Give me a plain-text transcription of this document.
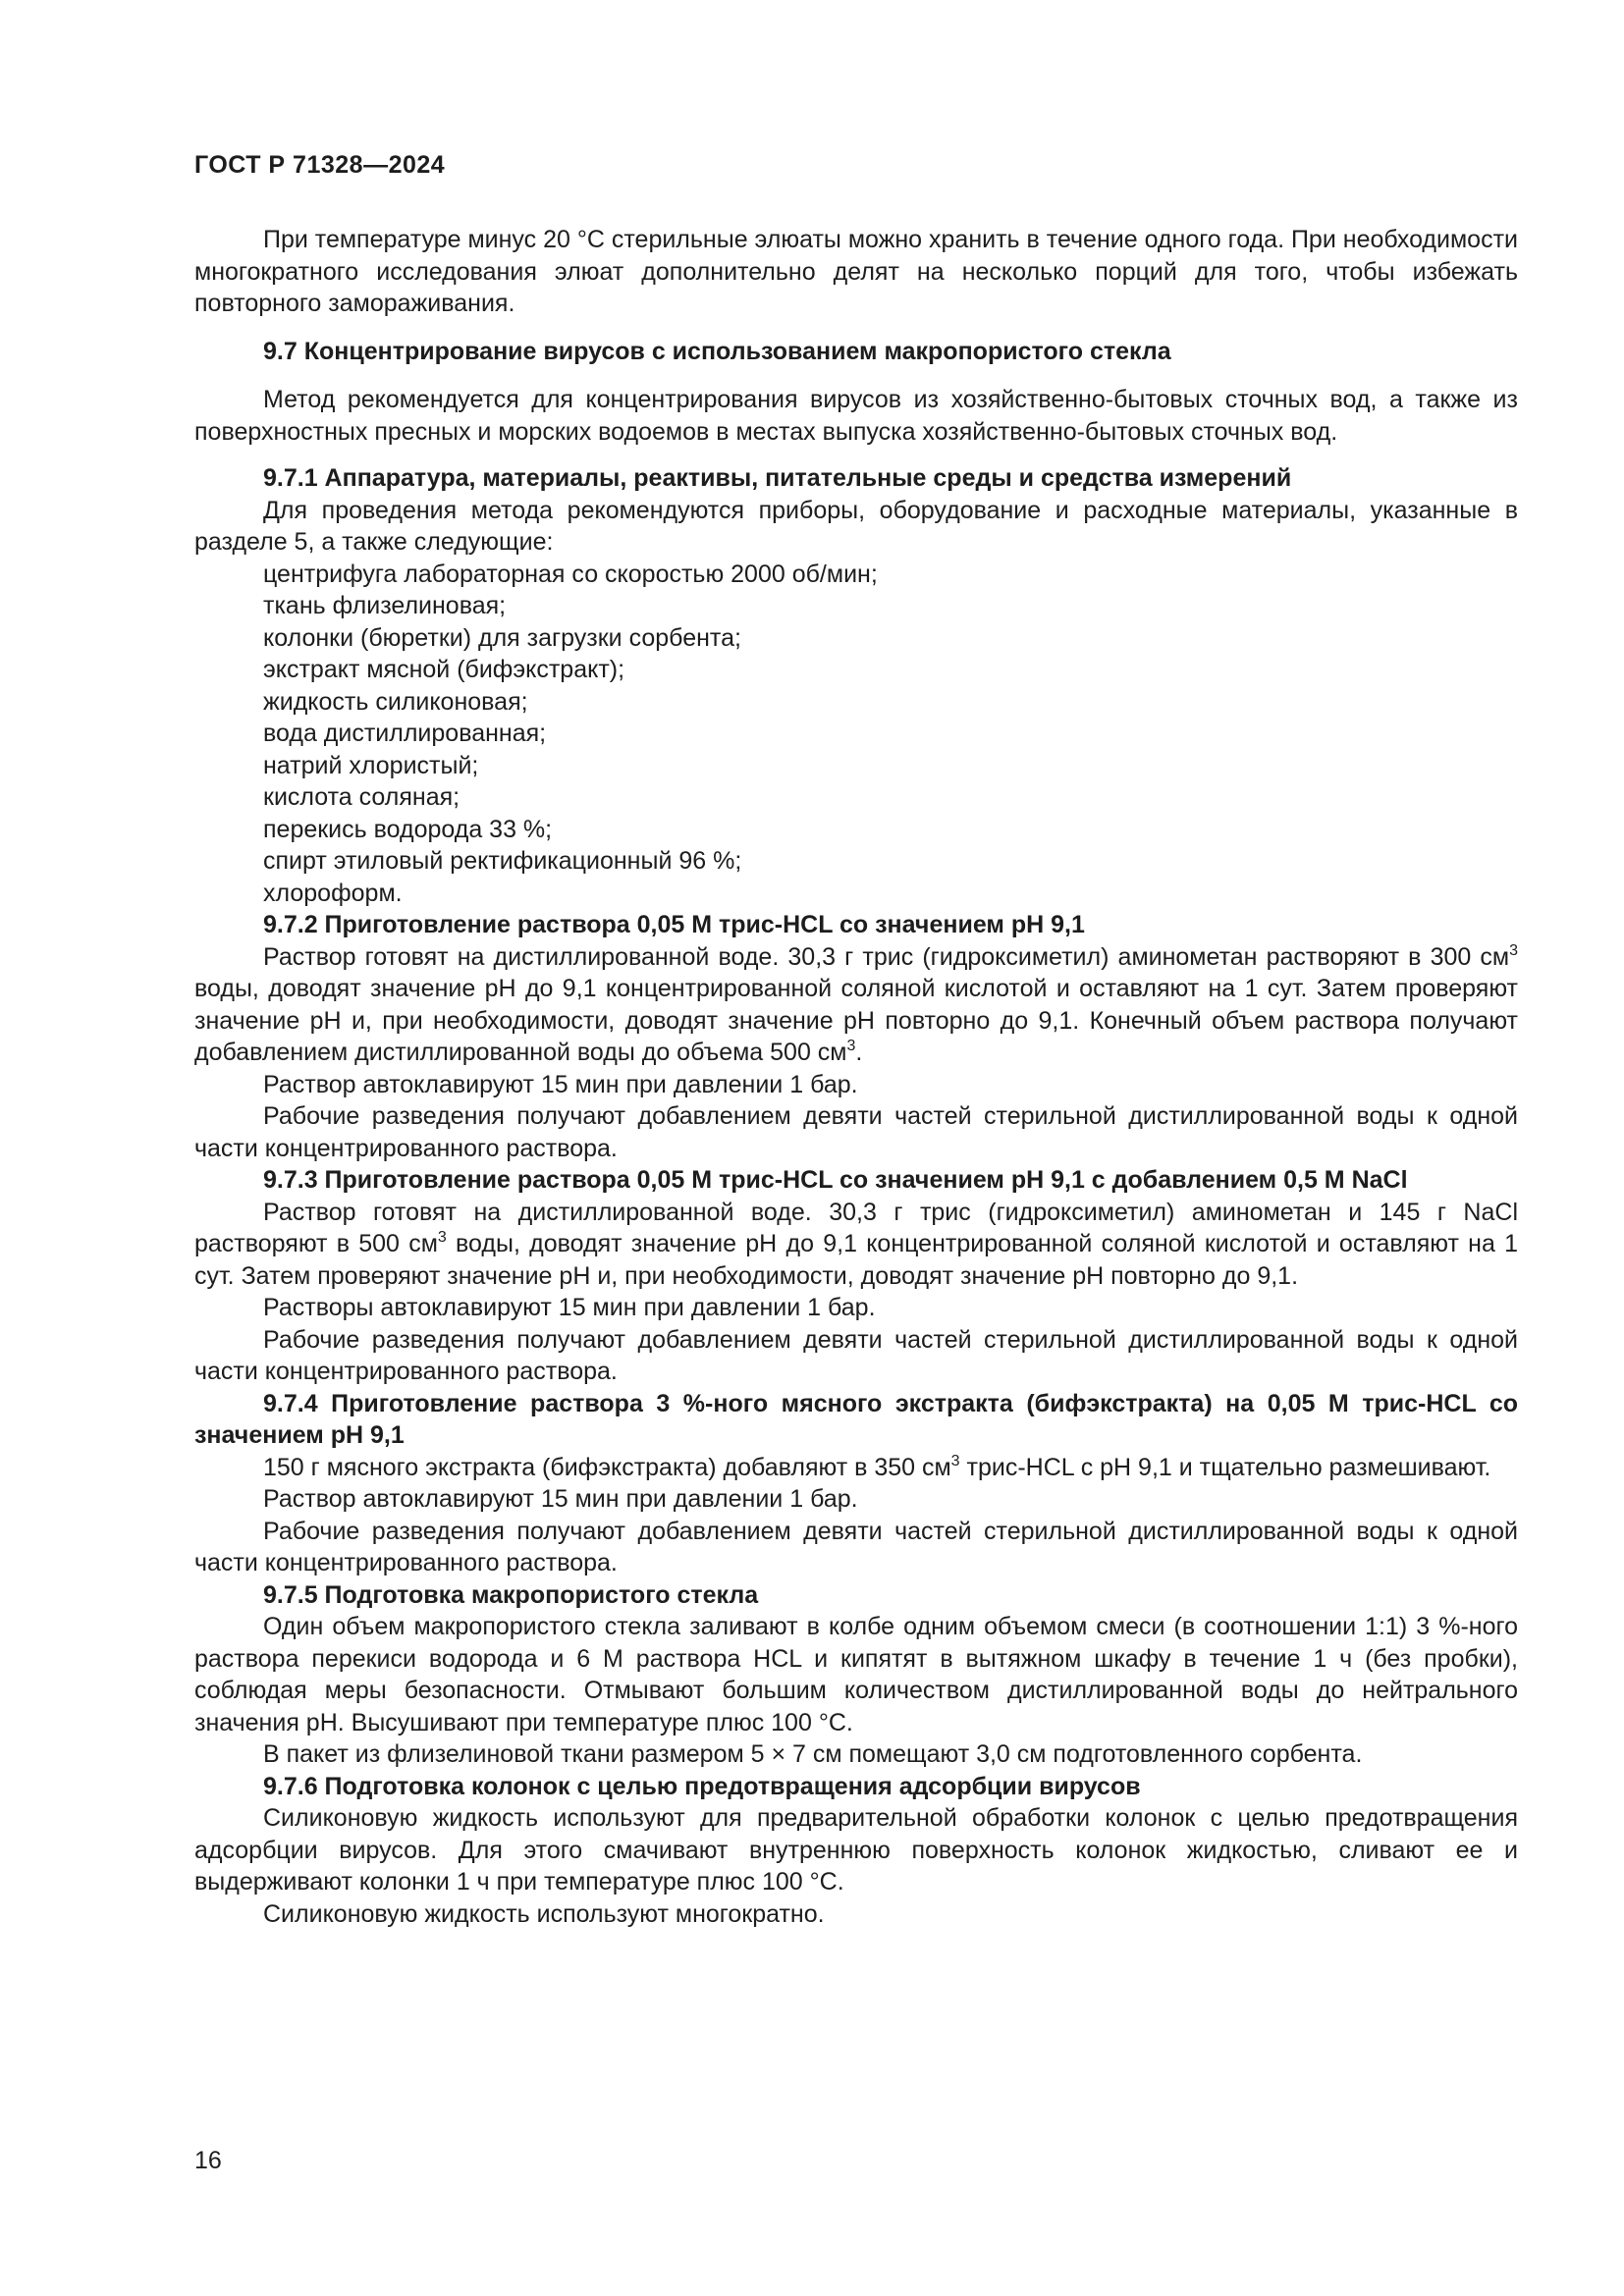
ГОСТ Р 71328—2024

При температуре минус 20 °С стерильные элюаты можно хранить в течение одного года. При необходимости многократного исследования элюат дополнительно делят на несколько порций для того, чтобы избежать повторного замораживания.

9.7 Концентрирование вирусов с использованием макропористого стекла

Метод рекомендуется для концентрирования вирусов из хозяйственно-бытовых сточных вод, а также из поверхностных пресных и морских водоемов в местах выпуска хозяйственно-бытовых сточных вод.

9.7.1 Аппаратура, материалы, реактивы, питательные среды и средства измерений

Для проведения метода рекомендуются приборы, оборудование и расходные материалы, указанные в разделе 5, а также следующие:

центрифуга лабораторная со скоростью 2000 об/мин;

ткань флизелиновая;

колонки (бюретки) для загрузки сорбента;

экстракт мясной (бифэкстракт);

жидкость силиконовая;

вода дистиллированная;

натрий хлористый;

кислота соляная;

перекись водорода 33 %;

спирт этиловый ректификационный 96 %;

хлороформ.

9.7.2 Приготовление раствора 0,05 М трис-HCL со значением pH 9,1

Раствор готовят на дистиллированной воде. 30,3 г трис (гидроксиметил) аминометан растворяют в 300 $см^3$ воды, доводят значение pH до 9,1 концентрированной соляной кислотой и оставляют на 1 сут. Затем проверяют значение pH и, при необходимости, доводят значение pH повторно до 9,1. Конечный объем раствора получают добавлением дистиллированной воды до объема 500 $см^3$.

Раствор автоклавируют 15 мин при давлении 1 бар.

Рабочие разведения получают добавлением девяти частей стерильной дистиллированной воды к одной части концентрированного раствора.

9.7.3 Приготовление раствора 0,05 М трис-HCL со значением pH 9,1 с добавлением 0,5 М NaCl

Раствор готовят на дистиллированной воде. 30,3 г трис (гидроксиметил) аминометан и 145 г NaCl растворяют в 500 $см^3$ воды, доводят значение pH до 9,1 концентрированной соляной кислотой и оставляют на 1 сут. Затем проверяют значение pH и, при необходимости, доводят значение pH повторно до 9,1.

Растворы автоклавируют 15 мин при давлении 1 бар.

Рабочие разведения получают добавлением девяти частей стерильной дистиллированной воды к одной части концентрированного раствора.

9.7.4 Приготовление раствора 3 %-ного мясного экстракта (бифэкстракта) на 0,05 М трис-HCL со значением pH 9,1

150 г мясного экстракта (бифэкстракта) добавляют в 350 $см^3$ трис-HCL с pH 9,1 и тщательно размешивают.

Раствор автоклавируют 15 мин при давлении 1 бар.

Рабочие разведения получают добавлением девяти частей стерильной дистиллированной воды к одной части концентрированного раствора.

9.7.5 Подготовка макропористого стекла

Один объем макропористого стекла заливают в колбе одним объемом смеси (в соотношении 1:1) 3 %-ного раствора перекиси водорода и 6 М раствора HCL и кипятят в вытяжном шкафу в течение 1 ч (без пробки), соблюдая меры безопасности. Отмывают большим количеством дистиллированной воды до нейтрального значения pH. Высушивают при температуре плюс 100 °С.

В пакет из флизелиновой ткани размером 5 × 7 см помещают 3,0 см подготовленного сорбента.

9.7.6 Подготовка колонок с целью предотвращения адсорбции вирусов

Силиконовую жидкость используют для предварительной обработки колонок с целью предотвращения адсорбции вирусов. Для этого смачивают внутреннюю поверхность колонок жидкостью, сливают ее и выдерживают колонки 1 ч при температуре плюс 100 °С.

Силиконовую жидкость используют многократно.

16
